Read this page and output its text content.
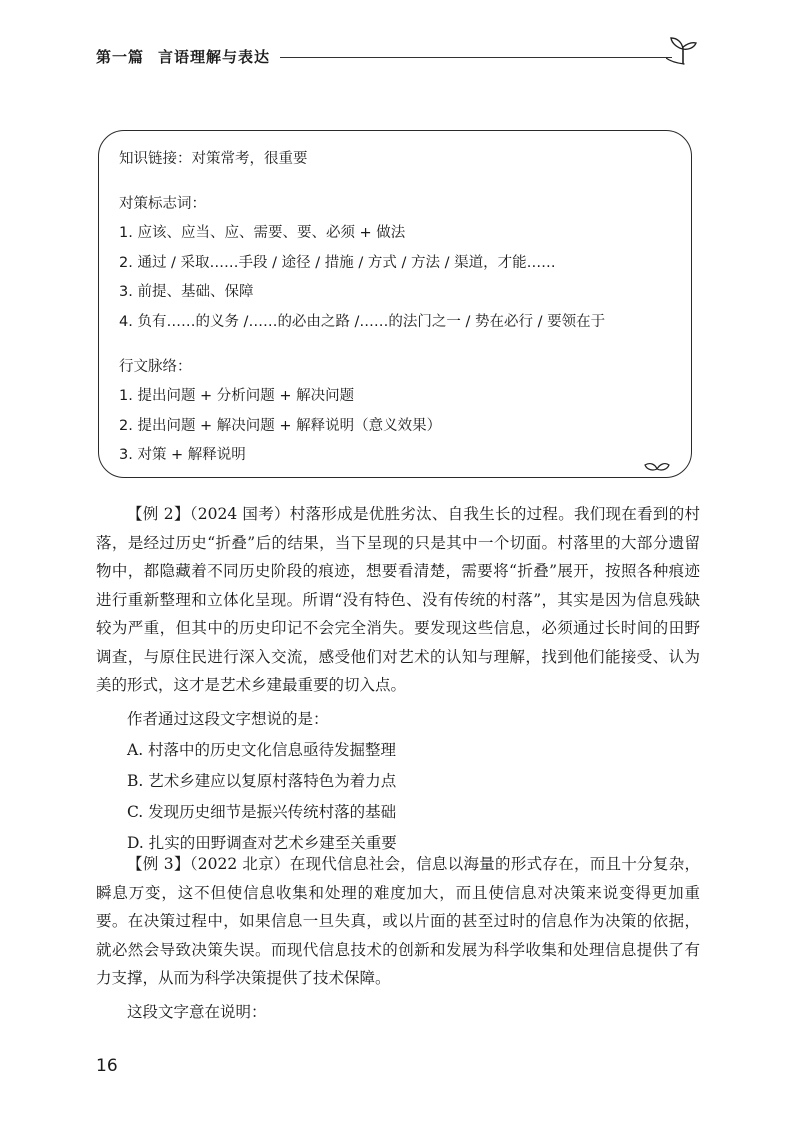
第一篇 言语理解与表达

知识链接：对策常考，很重要

对策标志词：

1. 应该、应当、应、需要、要、必须 + 做法

2. 通过 / 采取……手段 / 途径 / 措施 / 方式 / 方法 / 渠道，才能……

3. 前提、基础、保障

4. 负有……的义务 /……的必由之路 /……的法门之一 / 势在必行 / 要领在于

行文脉络：

1. 提出问题 + 分析问题 + 解决问题

2. 提出问题 + 解决问题 + 解释说明（意义效果）

3. 对策 + 解释说明

【例 2】（2024 国考）村落形成是优胜劣汰、自我生长的过程。我们现在看到的村落，是经过历史“折叠”后的结果，当下呈现的只是其中一个切面。村落里的大部分遗留物中，都隐藏着不同历史阶段的痕迹，想要看清楚，需要将“折叠”展开，按照各种痕迹进行重新整理和立体化呈现。所谓“没有特色、没有传统的村落”，其实是因为信息残缺较为严重，但其中的历史印记不会完全消失。要发现这些信息，必须通过长时间的田野调查，与原住民进行深入交流，感受他们对艺术的认知与理解，找到他们能接受、认为美的形式，这才是艺术乡建最重要的切入点。

作者通过这段文字想说的是：

A. 村落中的历史文化信息亟待发掘整理

B. 艺术乡建应以复原村落特色为着力点

C. 发现历史细节是振兴传统村落的基础

D. 扎实的田野调查对艺术乡建至关重要

【例 3】（2022 北京）在现代信息社会，信息以海量的形式存在，而且十分复杂，瞬息万变，这不但使信息收集和处理的难度加大，而且使信息对决策来说变得更加重要。在决策过程中，如果信息一旦失真，或以片面的甚至过时的信息作为决策的依据，就必然会导致决策失误。而现代信息技术的创新和发展为科学收集和处理信息提供了有力支撑，从而为科学决策提供了技术保障。

这段文字意在说明：

16
